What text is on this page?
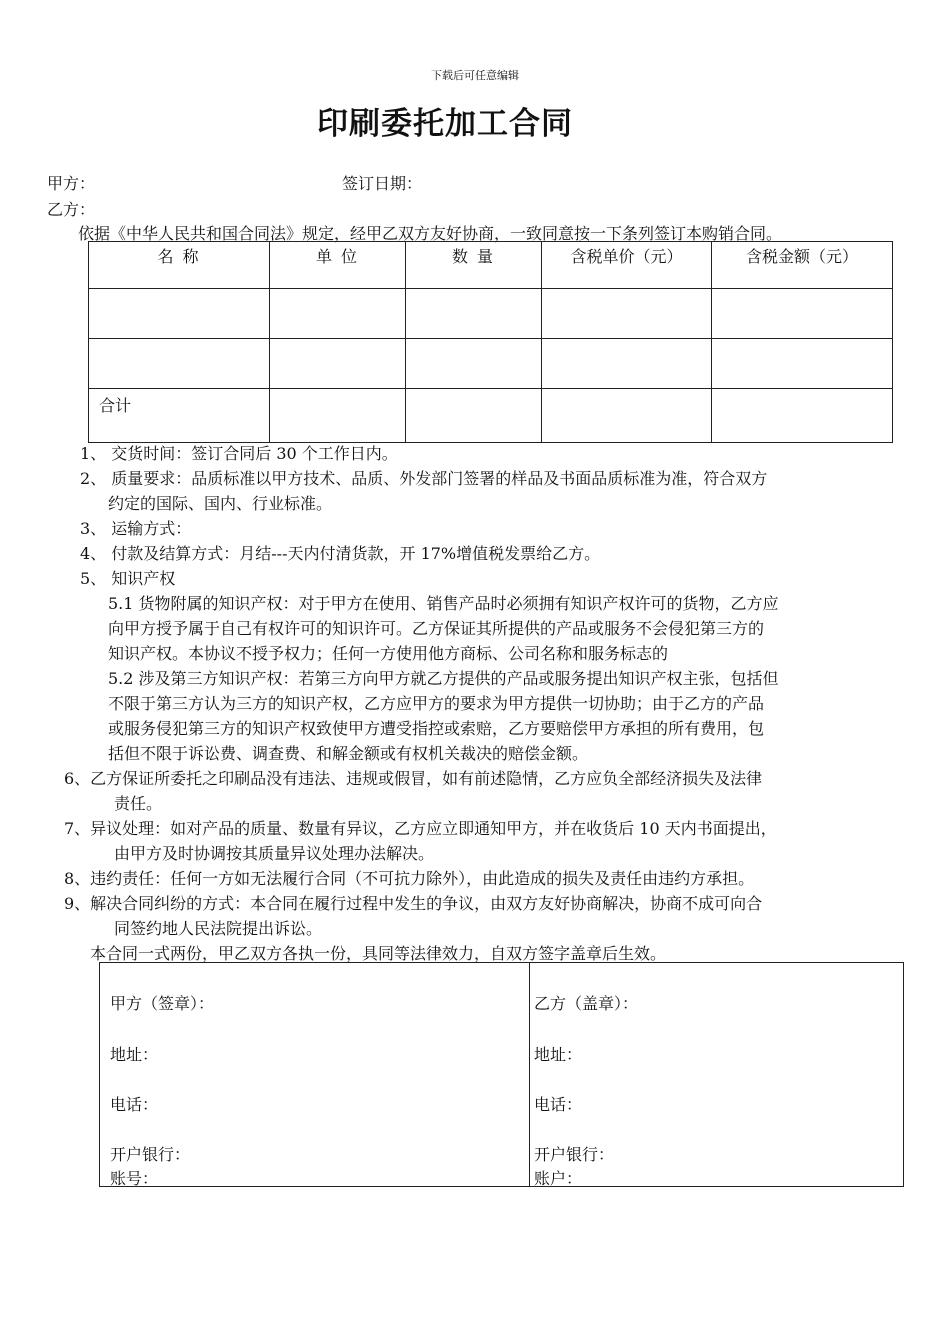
下载后可任意编辑
印刷委托加工合同
甲方：	签订日期：
乙方：
依据《中华人民共和国合同法》规定，经甲乙双方友好协商，一致同意按一下条列签订本购销合同。
名 称	单 位	数 量	含税单价（元）	含税金额（元）

合计				
1、 交货时间：签订合同后 30 个工作日内。
2、 质量要求：品质标准以甲方技术、品质、外发部门签署的样品及书面品质标准为准，符合双方
约定的国际、国内、行业标准。
3、 运输方式：
4、 付款及结算方式：月结---天内付清货款，开 17%增值税发票给乙方。
5、 知识产权
5.1 货物附属的知识产权：对于甲方在使用、销售产品时必须拥有知识产权许可的货物，乙方应
向甲方授予属于自己有权许可的知识许可。乙方保证其所提供的产品或服务不会侵犯第三方的
知识产权。本协议不授予权力；任何一方使用他方商标、公司名称和服务标志的
5.2 涉及第三方知识产权：若第三方向甲方就乙方提供的产品或服务提出知识产权主张，包括但
不限于第三方认为三方的知识产权，乙方应甲方的要求为甲方提供一切协助；由于乙方的产品
或服务侵犯第三方的知识产权致使甲方遭受指控或索赔，乙方要赔偿甲方承担的所有费用，包
括但不限于诉讼费、调查费、和解金额或有权机关裁决的赔偿金额。
6、乙方保证所委托之印刷品没有违法、违规或假冒，如有前述隐情，乙方应负全部经济损失及法律
责任。
7、异议处理：如对产品的质量、数量有异议，乙方应立即通知甲方，并在收货后 10 天内书面提出，
由甲方及时协调按其质量异议处理办法解决。
8、违约责任：任何一方如无法履行合同（不可抗力除外），由此造成的损失及责任由违约方承担。
9、解决合同纠纷的方式：本合同在履行过程中发生的争议，由双方友好协商解决，协商不成可向合
同签约地人民法院提出诉讼。
本合同一式两份，甲乙双方各执一份，具同等法律效力，自双方签字盖章后生效。
甲方（签章）：
地址：
电话：
开户银行：
账号：

乙方（盖章）：
地址：
电话：
开户银行：
账户：
